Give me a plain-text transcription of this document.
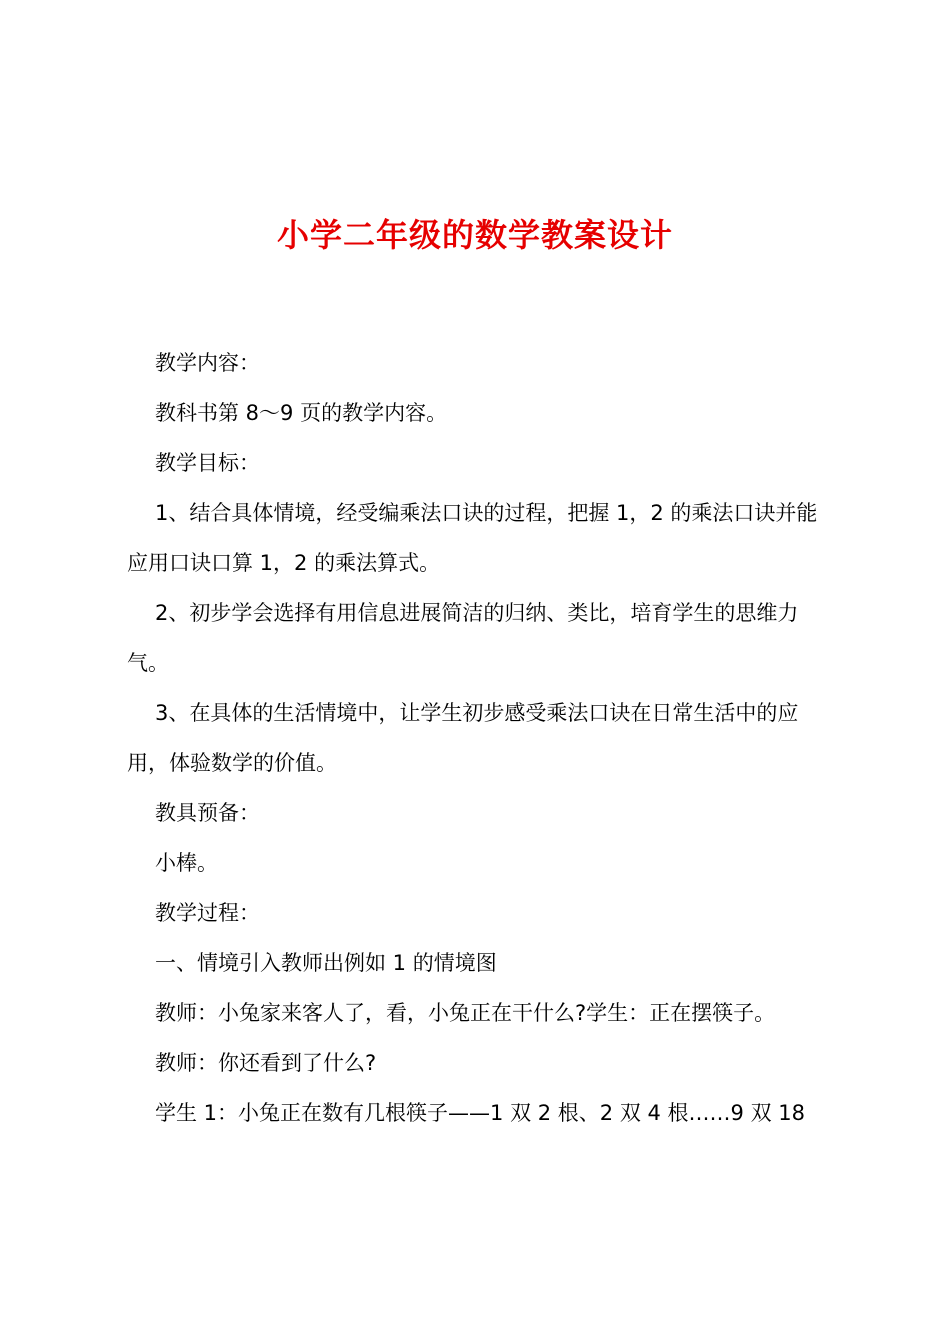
小学二年级的数学教案设计

教学内容：

教科书第 8～9 页的教学内容。

教学目标：

1、结合具体情境，经受编乘法口诀的过程，把握 1，2 的乘法口诀并能应用口诀口算 1，2 的乘法算式。

2、初步学会选择有用信息进展简洁的归纳、类比，培育学生的思维力气。

3、在具体的生活情境中，让学生初步感受乘法口诀在日常生活中的应用，体验数学的价值。

教具预备：

小棒。

教学过程：

一、情境引入教师出例如 1 的情境图

教师：小兔家来客人了，看，小兔正在干什么?学生：正在摆筷子。

教师：你还看到了什么?

学生 1：小兔正在数有几根筷子——1 双 2 根、2 双 4 根……9 双 18
